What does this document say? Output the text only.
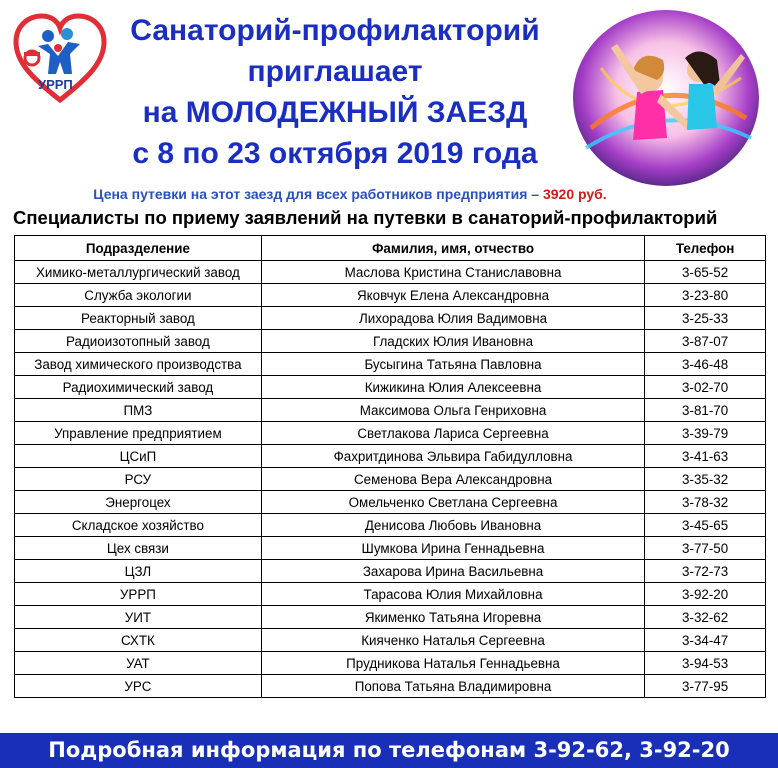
УРРП
Санаторий-профилакторий
приглашает
на МОЛОДЕЖНЫЙ ЗАЕЗД
с 8 по 23 октября 2019 года
Цена путевки на этот заезд для всех работников предприятия – 3920 руб.
Специалисты по приему заявлений на путевки в санаторий-профилакторий
Подразделение	Фамилия, имя, отчество	Телефон
Химико-металлургический завод	Маслова Кристина Станиславовна	3-65-52
Служба экологии	Яковчук Елена Александровна	3-23-80
Реакторный завод	Лихорадова Юлия Вадимовна	3-25-33
Радиоизотопный завод	Гладских Юлия Ивановна	3-87-07
Завод химического производства	Бусыгина Татьяна Павловна	3-46-48
Радиохимический завод	Кижикина Юлия Алексеевна	3-02-70
ПМЗ	Максимова Ольга Генриховна	3-81-70
Управление предприятием	Светлакова Лариса Сергеевна	3-39-79
ЦСиП	Фахритдинова Эльвира Габидулловна	3-41-63
РСУ	Семенова Вера Александровна	3-35-32
Энергоцех	Омельченко Светлана Сергеевна	3-78-32
Складское хозяйство	Денисова Любовь Ивановна	3-45-65
Цех связи	Шумкова Ирина Геннадьевна	3-77-50
ЦЗЛ	Захарова Ирина Васильевна	3-72-73
УРРП	Тарасова Юлия Михайловна	3-92-20
УИТ	Якименко Татьяна Игоревна	3-32-62
СХТК	Кияченко Наталья Сергеевна	3-34-47
УАТ	Прудникова Наталья Геннадьевна	3-94-53
УРС	Попова Татьяна Владимировна	3-77-95
Подробная информация по телефонам 3-92-62, 3-92-20
